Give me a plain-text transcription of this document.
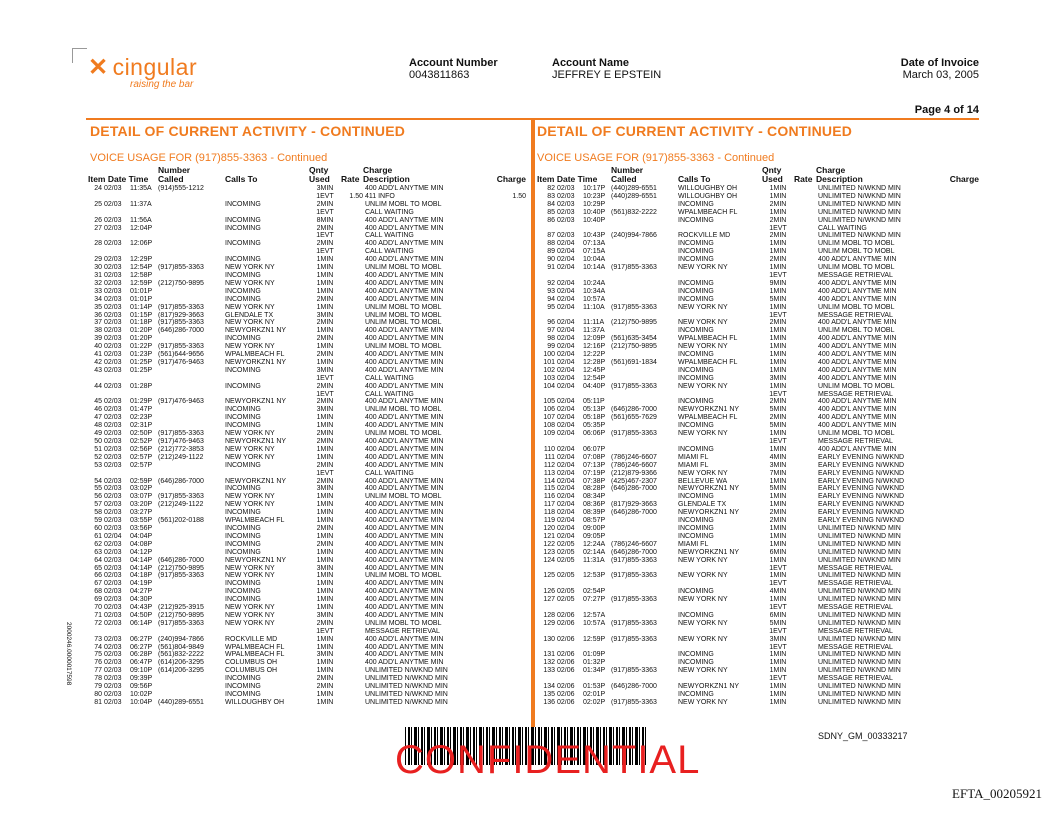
✕ cingular
raising the bar
Account Number
0043811863
Account Name
JEFFREY E EPSTEIN
Date of Invoice
March 03, 2005
Page 4 of 14
DETAIL OF CURRENT ACTIVITY - CONTINUED	DETAIL OF CURRENT ACTIVITY - CONTINUED
VOICE USAGE FOR (917)855-3363 - Continued	VOICE USAGE FOR (917)855-3363 - Continued
			Number		Qnty		Charge	
Item Date Time			Called	Calls To	Used	Rate	Description	Charge
24	02/03	11:35A	(914)555-1212		3MIN		400 ADD'L ANYTME MIN	
					1EVT	1.50	411 INFO	1.50
25	02/03	11:37A		INCOMING	2MIN		UNLIM MOBL TO MOBL	
					1EVT		CALL WAITING	
26	02/03	11:56A		INCOMING	8MIN		400 ADD'L ANYTME MIN	
27	02/03	12:04P		INCOMING	2MIN		400 ADD'L ANYTME MIN	
					1EVT		CALL WAITING	
28	02/03	12:06P		INCOMING	2MIN		400 ADD'L ANYTME MIN	
					1EVT		CALL WAITING	
29	02/03	12:29P		INCOMING	1MIN		400 ADD'L ANYTME MIN	
30	02/03	12:54P	(917)855-3363	NEW YORK NY	1MIN		UNLIM MOBL TO MOBL	
31	02/03	12:58P		INCOMING	1MIN		400 ADD'L ANYTME MIN	
32	02/03	12:59P	(212)750-9895	NEW YORK NY	1MIN		400 ADD'L ANYTME MIN	
33	02/03	01:01P		INCOMING	1MIN		400 ADD'L ANYTME MIN	
34	02/03	01:01P		INCOMING	2MIN		400 ADD'L ANYTME MIN	
35	02/03	01:14P	(917)855-3363	NEW YORK NY	1MIN		UNLIM MOBL TO MOBL	
36	02/03	01:15P	(817)929-3663	GLENDALE TX	3MIN		UNLIM MOBL TO MOBL	
37	02/03	01:18P	(917)855-3363	NEW YORK NY	2MIN		UNLIM MOBL TO MOBL	
38	02/03	01:20P	(646)286-7000	NEWYORKZN1 NY	1MIN		400 ADD'L ANYTME MIN	
39	02/03	01:20P		INCOMING	2MIN		400 ADD'L ANYTME MIN	
40	02/03	01:22P	(917)855-3363	NEW YORK NY	1MIN		UNLIM MOBL TO MOBL	
41	02/03	01:23P	(561)644-9656	WPALMBEACH FL	2MIN		400 ADD'L ANYTME MIN	
42	02/03	01:25P	(917)476-9463	NEWYORKZN1 NY	1MIN		400 ADD'L ANYTME MIN	
43	02/03	01:25P		INCOMING	3MIN		400 ADD'L ANYTME MIN	
					1EVT		CALL WAITING	
44	02/03	01:28P		INCOMING	2MIN		400 ADD'L ANYTME MIN	
					1EVT		CALL WAITING	
45	02/03	01:29P	(917)476-9463	NEWYORKZN1 NY	2MIN		400 ADD'L ANYTME MIN	
46	02/03	01:47P		INCOMING	3MIN		UNLIM MOBL TO MOBL	
47	02/03	02:23P		INCOMING	1MIN		400 ADD'L ANYTME MIN	
48	02/03	02:31P		INCOMING	1MIN		400 ADD'L ANYTME MIN	
49	02/03	02:50P	(917)855-3363	NEW YORK NY	2MIN		UNLIM MOBL TO MOBL	
50	02/03	02:52P	(917)476-9463	NEWYORKZN1 NY	2MIN		400 ADD'L ANYTME MIN	
51	02/03	02:56P	(212)772-3853	NEW YORK NY	1MIN		400 ADD'L ANYTME MIN	
52	02/03	02:57P	(212)249-1122	NEW YORK NY	1MIN		400 ADD'L ANYTME MIN	
53	02/03	02:57P		INCOMING	2MIN		400 ADD'L ANYTME MIN	
					1EVT		CALL WAITING	
54	02/03	02:59P	(646)286-7000	NEWYORKZN1 NY	2MIN		400 ADD'L ANYTME MIN	
55	02/03	03:02P		INCOMING	3MIN		400 ADD'L ANYTME MIN	
56	02/03	03:07P	(917)855-3363	NEW YORK NY	1MIN		UNLIM MOBL TO MOBL	
57	02/03	03:20P	(212)249-1122	NEW YORK NY	1MIN		400 ADD'L ANYTME MIN	
58	02/03	03:27P		INCOMING	1MIN		400 ADD'L ANYTME MIN	
59	02/03	03:55P	(561)202-0188	WPALMBEACH FL	1MIN		400 ADD'L ANYTME MIN	
60	02/03	03:56P		INCOMING	2MIN		400 ADD'L ANYTME MIN	
61	02/04	04:04P		INCOMING	1MIN		400 ADD'L ANYTME MIN	
62	02/03	04:08P		INCOMING	2MIN		400 ADD'L ANYTME MIN	
63	02/03	04:12P		INCOMING	1MIN		400 ADD'L ANYTME MIN	
64	02/03	04:14P	(646)286-7000	NEWYORKZN1 NY	1MIN		400 ADD'L ANYTME MIN	
65	02/03	04:14P	(212)750-9895	NEW YORK NY	3MIN		400 ADD'L ANYTME MIN	
66	02/03	04:18P	(917)855-3363	NEW YORK NY	1MIN		UNLIM MOBL TO MOBL	
67	02/03	04:19P		INCOMING	1MIN		400 ADD'L ANYTME MIN	
68	02/03	04:27P		INCOMING	1MIN		400 ADD'L ANYTME MIN	
69	02/03	04:30P		INCOMING	1MIN		400 ADD'L ANYTME MIN	
70	02/03	04:43P	(212)925-3915	NEW YORK NY	1MIN		400 ADD'L ANYTME MIN	
71	02/03	04:50P	(212)750-9895	NEW YORK NY	3MIN		400 ADD'L ANYTME MIN	
72	02/03	06:14P	(917)855-3363	NEW YORK NY	2MIN		UNLIM MOBL TO MOBL	
					1EVT		MESSAGE RETRIEVAL	
73	02/03	06:27P	(240)994-7866	ROCKVILLE MD	1MIN		400 ADD'L ANYTME MIN	
74	02/03	06:27P	(561)804-9849	WPALMBEACH FL	1MIN		400 ADD'L ANYTME MIN	
75	02/03	06:28P	(561)832-2222	WPALMBEACH FL	3MIN		400 ADD'L ANYTME MIN	
76	02/03	06:47P	(614)206-3295	COLUMBUS OH	1MIN		400 ADD'L ANYTME MIN	
77	02/03	09:10P	(614)206-3295	COLUMBUS OH	1MIN		UNLIMITED N/WKND MIN	
78	02/03	09:39P		INCOMING	2MIN		UNLIMITED N/WKND MIN	
79	02/03	09:56P		INCOMING	2MIN		UNLIMITED N/WKND MIN	
80	02/03	10:02P		INCOMING	1MIN		UNLIMITED N/WKND MIN	
81	02/03	10:04P	(440)289-6551	WILLOUGHBY OH	1MIN		UNLIMITED N/WKND MIN	
			Number		Qnty		Charge	
Item Date Time			Called	Calls To	Used	Rate	Description	Charge
82	02/03	10:17P	(440)289-6551	WILLOUGHBY OH	1MIN		UNLIMITED N/WKND MIN	
83	02/03	10:23P	(440)289-6551	WILLOUGHBY OH	1MIN		UNLIMITED N/WKND MIN	
84	02/03	10:29P		INCOMING	2MIN		UNLIMITED N/WKND MIN	
85	02/03	10:40P	(561)832-2222	WPALMBEACH FL	1MIN		UNLIMITED N/WKND MIN	
86	02/03	10:40P		INCOMING	2MIN		UNLIMITED N/WKND MIN	
					1EVT		CALL WAITING	
87	02/03	10:43P	(240)994-7866	ROCKVILLE MD	2MIN		UNLIMITED N/WKND MIN	
88	02/04	07:13A		INCOMING	1MIN		UNLIM MOBL TO MOBL	
89	02/04	07:15A		INCOMING	1MIN		UNLIM MOBL TO MOBL	
90	02/04	10:04A		INCOMING	2MIN		400 ADD'L ANYTME MIN	
91	02/04	10:14A	(917)855-3363	NEW YORK NY	1MIN		UNLIM MOBL TO MOBL	
					1EVT		MESSAGE RETRIEVAL	
92	02/04	10:24A		INCOMING	9MIN		400 ADD'L ANYTME MIN	
93	02/04	10:34A		INCOMING	1MIN		400 ADD'L ANYTME MIN	
94	02/04	10:57A		INCOMING	5MIN		400 ADD'L ANYTME MIN	
95	02/04	11:10A	(917)855-3363	NEW YORK NY	1MIN		UNLIM MOBL TO MOBL	
					1EVT		MESSAGE RETRIEVAL	
96	02/04	11:11A	(212)750-9895	NEW YORK NY	2MIN		400 ADD'L ANYTME MIN	
97	02/04	11:37A		INCOMING	1MIN		UNLIM MOBL TO MOBL	
98	02/04	12:09P	(561)635-3454	WPALMBEACH FL	1MIN		400 ADD'L ANYTME MIN	
99	02/04	12:16P	(212)750-9895	NEW YORK NY	1MIN		400 ADD'L ANYTME MIN	
100	02/04	12:22P		INCOMING	1MIN		400 ADD'L ANYTME MIN	
101	02/04	12:28P	(561)691-1834	WPALMBEACH FL	1MIN		400 ADD'L ANYTME MIN	
102	02/04	12:45P		INCOMING	1MIN		400 ADD'L ANYTME MIN	
103	02/04	12:54P		INCOMING	3MIN		400 ADD'L ANYTME MIN	
104	02/04	04:40P	(917)855-3363	NEW YORK NY	1MIN		UNLIM MOBL TO MOBL	
					1EVT		MESSAGE RETRIEVAL	
105	02/04	05:11P		INCOMING	2MIN		400 ADD'L ANYTME MIN	
106	02/04	05:13P	(646)286-7000	NEWYORKZN1 NY	5MIN		400 ADD'L ANYTME MIN	
107	02/04	05:18P	(561)655-7629	WPALMBEACH FL	2MIN		400 ADD'L ANYTME MIN	
108	02/04	05:35P		INCOMING	5MIN		400 ADD'L ANYTME MIN	
109	02/04	06:06P	(917)855-3363	NEW YORK NY	1MIN		UNLIM MOBL TO MOBL	
					1EVT		MESSAGE RETRIEVAL	
110	02/04	06:07P		INCOMING	1MIN		400 ADD'L ANYTME MIN	
111	02/04	07:08P	(786)246-6607	MIAMI FL	4MIN		EARLY EVENING N/WKND	
112	02/04	07:13P	(786)246-6607	MIAMI FL	3MIN		EARLY EVENING N/WKND	
113	02/04	07:19P	(212)879-9366	NEW YORK NY	7MIN		EARLY EVENING N/WKND	
114	02/04	07:38P	(425)467-2307	BELLEVUE WA	1MIN		EARLY EVENING N/WKND	
115	02/04	08:28P	(646)286-7000	NEWYORKZN1 NY	5MIN		EARLY EVENING N/WKND	
116	02/04	08:34P		INCOMING	1MIN		EARLY EVENING N/WKND	
117	02/04	08:36P	(817)929-3663	GLENDALE TX	1MIN		EARLY EVENING N/WKND	
118	02/04	08:39P	(646)286-7000	NEWYORKZN1 NY	2MIN		EARLY EVENING N/WKND	
119	02/04	08:57P		INCOMING	2MIN		EARLY EVENING N/WKND	
120	02/04	09:00P		INCOMING	1MIN		UNLIMITED N/WKND MIN	
121	02/04	09:05P		INCOMING	1MIN		UNLIMITED N/WKND MIN	
122	02/05	12:24A	(786)246-6607	MIAMI FL	1MIN		UNLIMITED N/WKND MIN	
123	02/05	02:14A	(646)286-7000	NEWYORKZN1 NY	6MIN		UNLIMITED N/WKND MIN	
124	02/05	11:31A	(917)855-3363	NEW YORK NY	1MIN		UNLIMITED N/WKND MIN	
					1EVT		MESSAGE RETRIEVAL	
125	02/05	12:53P	(917)855-3363	NEW YORK NY	1MIN		UNLIMITED N/WKND MIN	
					1EVT		MESSAGE RETRIEVAL	
126	02/05	02:54P		INCOMING	4MIN		UNLIMITED N/WKND MIN	
127	02/05	07:27P	(917)855-3363	NEW YORK NY	1MIN		UNLIMITED N/WKND MIN	
					1EVT		MESSAGE RETRIEVAL	
128	02/06	12:57A		INCOMING	6MIN		UNLIMITED N/WKND MIN	
129	02/06	10:57A	(917)855-3363	NEW YORK NY	5MIN		UNLIMITED N/WKND MIN	
					1EVT		MESSAGE RETRIEVAL	
130	02/06	12:59P	(917)855-3363	NEW YORK NY	3MIN		UNLIMITED N/WKND MIN	
					1EVT		MESSAGE RETRIEVAL	
131	02/06	01:09P		INCOMING	1MIN		UNLIMITED N/WKND MIN	
132	02/06	01:32P		INCOMING	1MIN		UNLIMITED N/WKND MIN	
133	02/06	01:34P	(917)855-3363	NEW YORK NY	1MIN		UNLIMITED N/WKND MIN	
					1EVT		MESSAGE RETRIEVAL	
134	02/06	01:53P	(646)286-7000	NEWYORKZN1 NY	1MIN		UNLIMITED N/WKND MIN	
135	02/06	02:01P		INCOMING	1MIN		UNLIMITED N/WKND MIN	
136	02/06	02:02P	(917)855-3363	NEW YORK NY	1MIN		UNLIMITED N/WKND MIN	
2000246.0000017598
CONFIDENTIAL
SDNY_GM_00333217
EFTA_00205921
